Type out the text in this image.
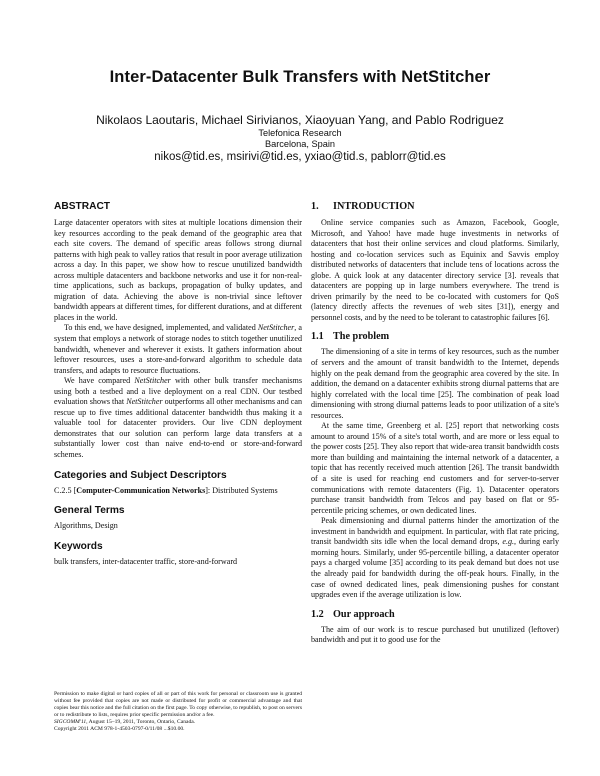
Inter-Datacenter Bulk Transfers with NetStitcher
Nikolaos Laoutaris, Michael Sirivianos, Xiaoyuan Yang, and Pablo Rodriguez
Telefonica Research
Barcelona, Spain
nikos@tid.es, msirivi@tid.es, yxiao@tid.s, pablorr@tid.es
ABSTRACT

Large datacenter operators with sites at multiple locations dimension their key resources according to the peak demand of the geographic area that each site covers. The demand of specific areas follows strong diurnal patterns with high peak to valley ratios that result in poor average utilization across a day. In this paper, we show how to rescue unutilized bandwidth across multiple datacenters and backbone networks and use it for non-real-time applications, such as backups, propagation of bulky updates, and migration of data. Achieving the above is non-trivial since leftover bandwidth appears at different times, for different durations, and at different places in the world.

To this end, we have designed, implemented, and validated NetStitcher, a system that employs a network of storage nodes to stitch together unutilized bandwidth, whenever and wherever it exists. It gathers information about leftover resources, uses a store-and-forward algorithm to schedule data transfers, and adapts to resource fluctuations.

We have compared NetStitcher with other bulk transfer mechanisms using both a testbed and a live deployment on a real CDN. Our testbed evaluation shows that NetStitcher outperforms all other mechanisms and can rescue up to five times additional datacenter bandwidth thus making it a valuable tool for datacenter providers. Our live CDN deployment demonstrates that our solution can perform large data transfers at a substantially lower cost than naive end-to-end or store-and-forward schemes.

Categories and Subject Descriptors

C.2.5 [Computer-Communication Networks]: Distributed Systems

General Terms

Algorithms, Design

Keywords

bulk transfers, inter-datacenter traffic, store-and-forward

Permission to make digital or hard copies of all or part of this work for personal or classroom use is granted without fee provided that copies are not made or distributed for profit or commercial advantage and that copies bear this notice and the full citation on the first page. To copy otherwise, to republish, to post on servers or to redistribute to lists, requires prior specific permission and/or a fee.
SIGCOMM'11, August 15–19, 2011, Toronto, Ontario, Canada.
Copyright 2011 ACM 978-1-4503-0797-0/11/08 ...$10.00.
1. INTRODUCTION

Online service companies such as Amazon, Facebook, Google, Microsoft, and Yahoo! have made huge investments in networks of datacenters that host their online services and cloud platforms. Similarly, hosting and co-location services such as Equinix and Savvis employ distributed networks of datacenters that include tens of locations across the globe. A quick look at any datacenter directory service [3]. reveals that datacenters are popping up in large numbers everywhere. The trend is driven primarily by the need to be co-located with customers for QoS (latency directly affects the revenues of web sites [31]), energy and personnel costs, and by the need to be tolerant to catastrophic failures [6].

1.1 The problem

The dimensioning of a site in terms of key resources, such as the number of servers and the amount of transit bandwidth to the Internet, depends highly on the peak demand from the geographic area covered by the site. In addition, the demand on a datacenter exhibits strong diurnal patterns that are highly correlated with the local time [25]. The combination of peak load dimensioning with strong diurnal patterns leads to poor utilization of a site's resources.

At the same time, Greenberg et al. [25] report that networking costs amount to around 15% of a site's total worth, and are more or less equal to the power costs [25]. They also report that wide-area transit bandwidth costs more than building and maintaining the internal network of a datacenter, a topic that has recently received much attention [26]. The transit bandwidth of a site is used for reaching end customers and for server-to-server communications with remote datacenters (Fig. 1). Datacenter operators purchase transit bandwidth from Telcos and pay based on flat or 95-percentile pricing schemes, or own dedicated lines.

Peak dimensioning and diurnal patterns hinder the amortization of the investment in bandwidth and equipment. In particular, with flat rate pricing, transit bandwidth sits idle when the local demand drops, e.g., during early morning hours. Similarly, under 95-percentile billing, a datacenter operator pays a charged volume [35] according to its peak demand but does not use the already paid for bandwidth during the off-peak hours. Finally, in the case of owned dedicated lines, peak dimensioning pushes for constant upgrades even if the average utilization is low.

1.2 Our approach

The aim of our work is to rescue purchased but unutilized (leftover) bandwidth and put it to good use for the
